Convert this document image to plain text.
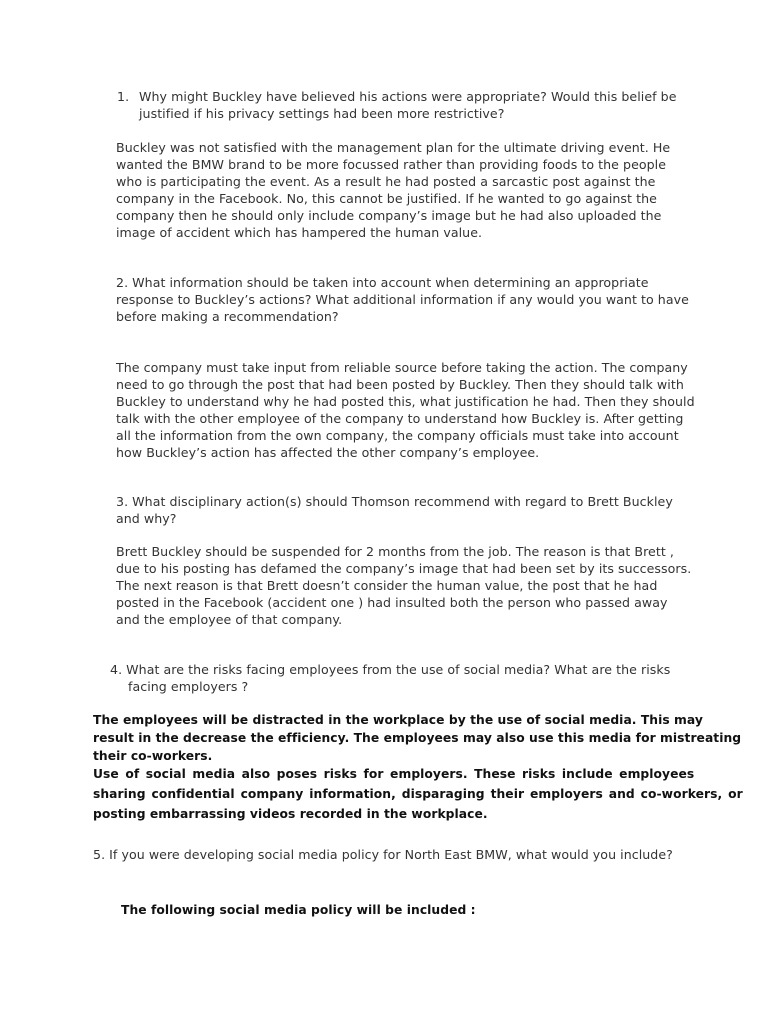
1. Why might Buckley have believed his actions were appropriate? Would this belief be

justified if his privacy settings had been more restrictive?

Buckley was not satisfied with the management plan for the ultimate driving event. He

wanted the BMW brand to be more focussed rather than providing foods to the people

who is participating the event. As a result he had posted a sarcastic post against the

company in the Facebook. No, this cannot be justified. If he wanted to go against the

company then he should only include company’s image but he had also uploaded the

image of accident which has hampered the human value.

2. What information should be taken into account when determining an appropriate

response to Buckley’s actions? What additional information if any would you want to have

before making a recommendation?

The company must take input from reliable source before taking the action. The company

need to go through the post that had been posted by Buckley. Then they should talk with

Buckley to understand why he had posted this, what justification he had. Then they should

talk with the other employee of the company to understand how Buckley is. After getting

all the information from the own company, the company officials must take into account

how Buckley’s action has affected the other company’s employee.

3. What disciplinary action(s) should Thomson recommend with regard to Brett Buckley

and why?

Brett Buckley should be suspended for 2 months from the job. The reason is that Brett ,

due to his posting has defamed the company’s image that had been set by its successors.

The next reason is that Brett doesn’t consider the human value, the post that he had

posted in the Facebook (accident one ) had insulted both the person who passed away

and the employee of that company.

4. What are the risks facing employees from the use of social media? What are the risks

facing employers ?

The employees will be distracted in the workplace by the use of social media. This may

result in the decrease the efficiency. The employees may also use this media for mistreating

their co-workers.

Use of social media also poses risks for employers. These risks include employees

sharing confidential company information, disparaging their employers and co-workers, or

posting embarrassing videos recorded in the workplace.

5. If you were developing social media policy for North East BMW, what would you include?

The following social media policy will be included :
